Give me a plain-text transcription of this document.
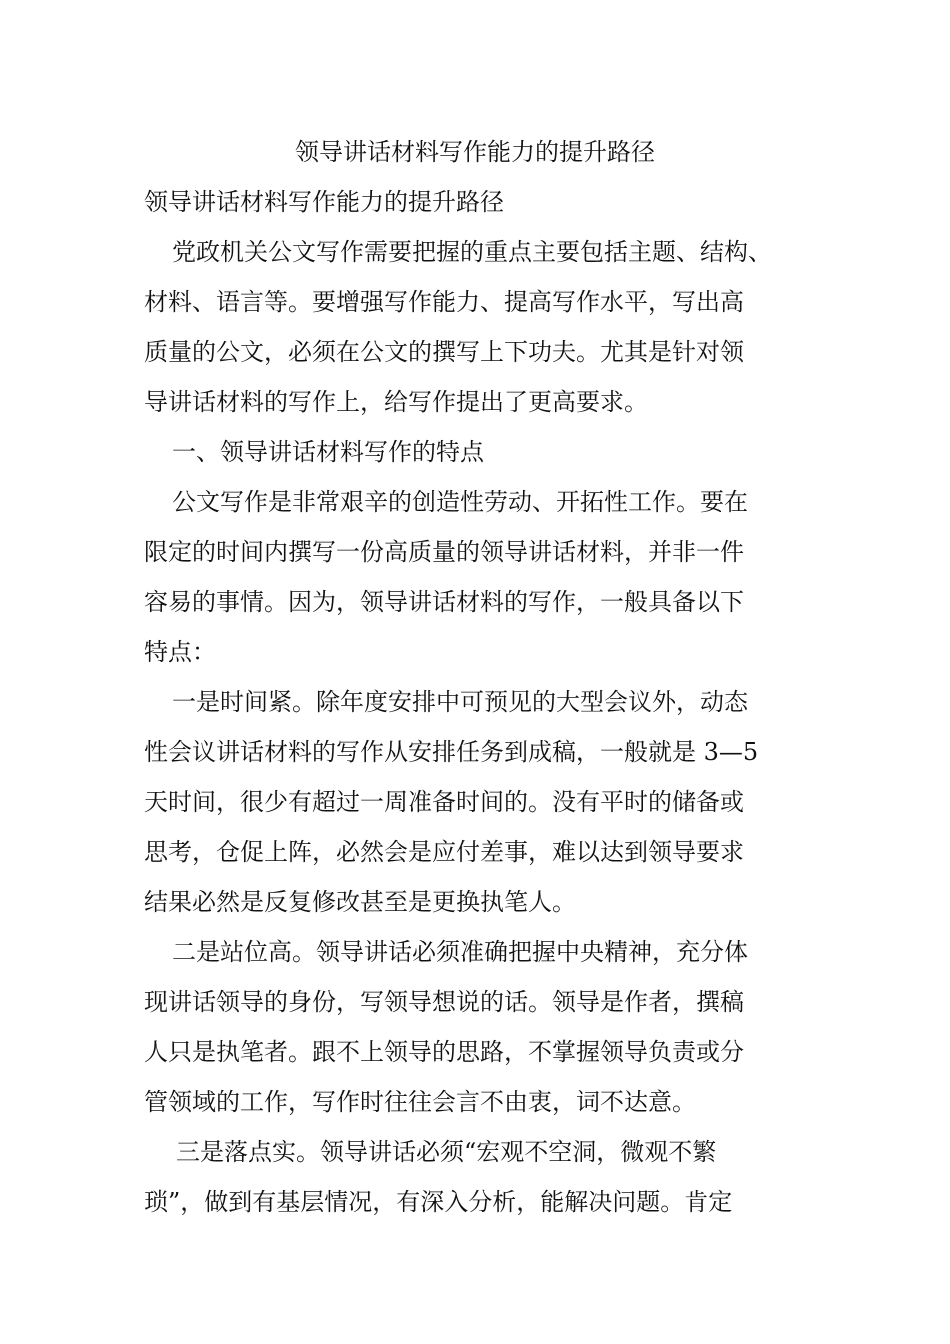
领导讲话材料写作能力的提升路径
领导讲话材料写作能力的提升路径
　党政机关公文写作需要把握的重点主要包括主题、结构、
材料、语言等。要增强写作能力、提高写作水平，写出高
质量的公文，必须在公文的撰写上下功夫。尤其是针对领
导讲话材料的写作上，给写作提出了更高要求。
　一、领导讲话材料写作的特点
　公文写作是非常艰辛的创造性劳动、开拓性工作。要在
限定的时间内撰写一份高质量的领导讲话材料，并非一件
容易的事情。因为，领导讲话材料的写作，一般具备以下
特点：
　一是时间紧。除年度安排中可预见的大型会议外，动态
性会议讲话材料的写作从安排任务到成稿，一般就是 3—5
天时间，很少有超过一周准备时间的。没有平时的储备或
思考，仓促上阵，必然会是应付差事，难以达到领导要求
结果必然是反复修改甚至是更换执笔人。
　二是站位高。领导讲话必须准确把握中央精神，充分体
现讲话领导的身份，写领导想说的话。领导是作者，撰稿
人只是执笔者。跟不上领导的思路，不掌握领导负责或分
管领域的工作，写作时往往会言不由衷，词不达意。
　三是落点实。领导讲话必须“宏观不空洞，微观不繁
琐”，做到有基层情况，有深入分析，能解决问题。肯定
